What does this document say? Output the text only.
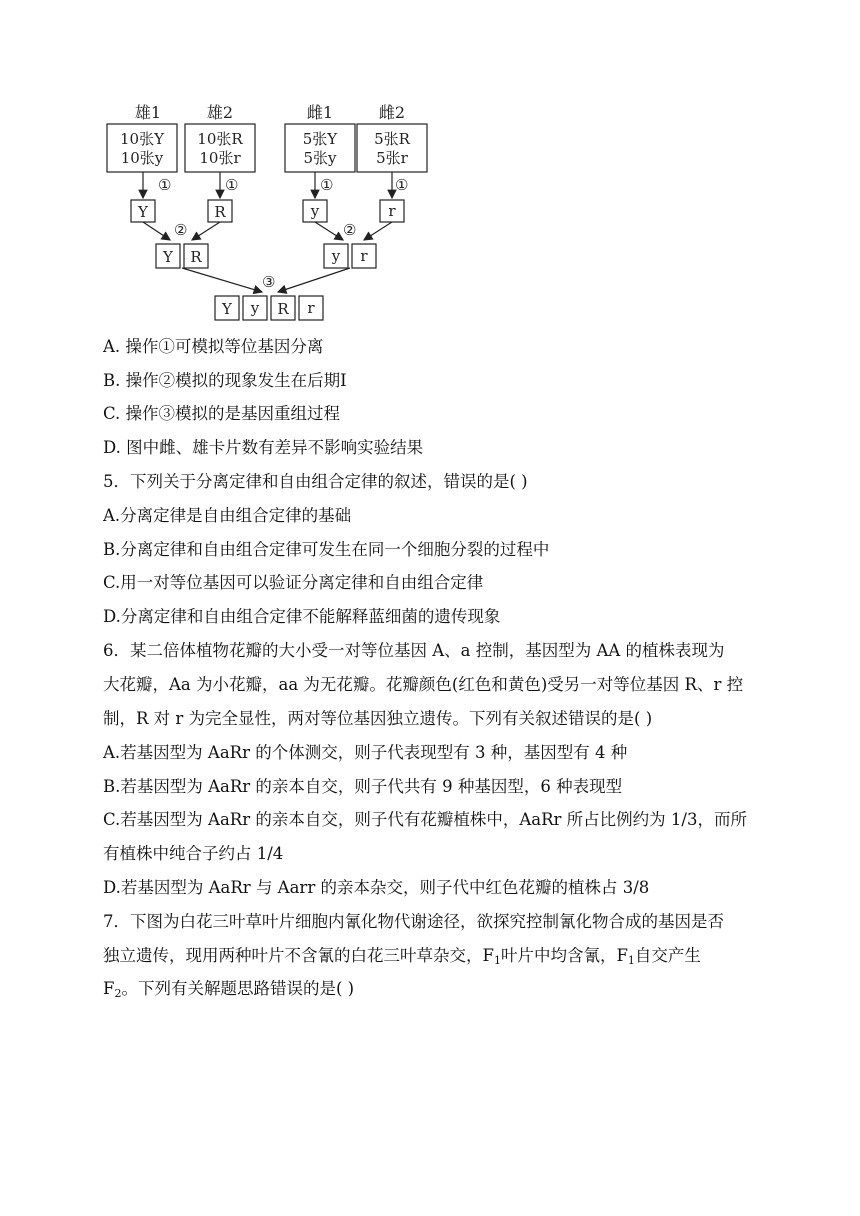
雄1	雄2	雌1	雌2
10张Y
10张y
10张R
10张r
5张Y
5张y
5张R
5张r
①	①	①	①
Y	R	y	r
②	②
Y R	y r
③
Y y R r
A. 操作①可模拟等位基因分离
B. 操作②模拟的现象发生在后期Ⅰ
C. 操作③模拟的是基因重组过程
D. 图中雌、雄卡片数有差异不影响实验结果
5．下列关于分离定律和自由组合定律的叙述，错误的是( )
A.分离定律是自由组合定律的基础
B.分离定律和自由组合定律可发生在同一个细胞分裂的过程中
C.用一对等位基因可以验证分离定律和自由组合定律
D.分离定律和自由组合定律不能解释蓝细菌的遗传现象
6．某二倍体植物花瓣的大小受一对等位基因 A、a 控制，基因型为 AA 的植株表现为
大花瓣，Aa 为小花瓣，aa 为无花瓣。花瓣颜色(红色和黄色)受另一对等位基因 R、r 控
制，R 对 r 为完全显性，两对等位基因独立遗传。下列有关叙述错误的是( )
A.若基因型为 AaRr 的个体测交，则子代表现型有 3 种，基因型有 4 种
B.若基因型为 AaRr 的亲本自交，则子代共有 9 种基因型，6 种表现型
C.若基因型为 AaRr 的亲本自交，则子代有花瓣植株中，AaRr 所占比例约为 1/3，而所
有植株中纯合子约占 1/4
D.若基因型为 AaRr 与 Aarr 的亲本杂交，则子代中红色花瓣的植株占 3/8
7．下图为白花三叶草叶片细胞内氰化物代谢途径，欲探究控制氰化物合成的基因是否
独立遗传，现用两种叶片不含氰的白花三叶草杂交，$F_1$叶片中均含氰，$F_1$自交产生
$F_2$。下列有关解题思路错误的是( )
